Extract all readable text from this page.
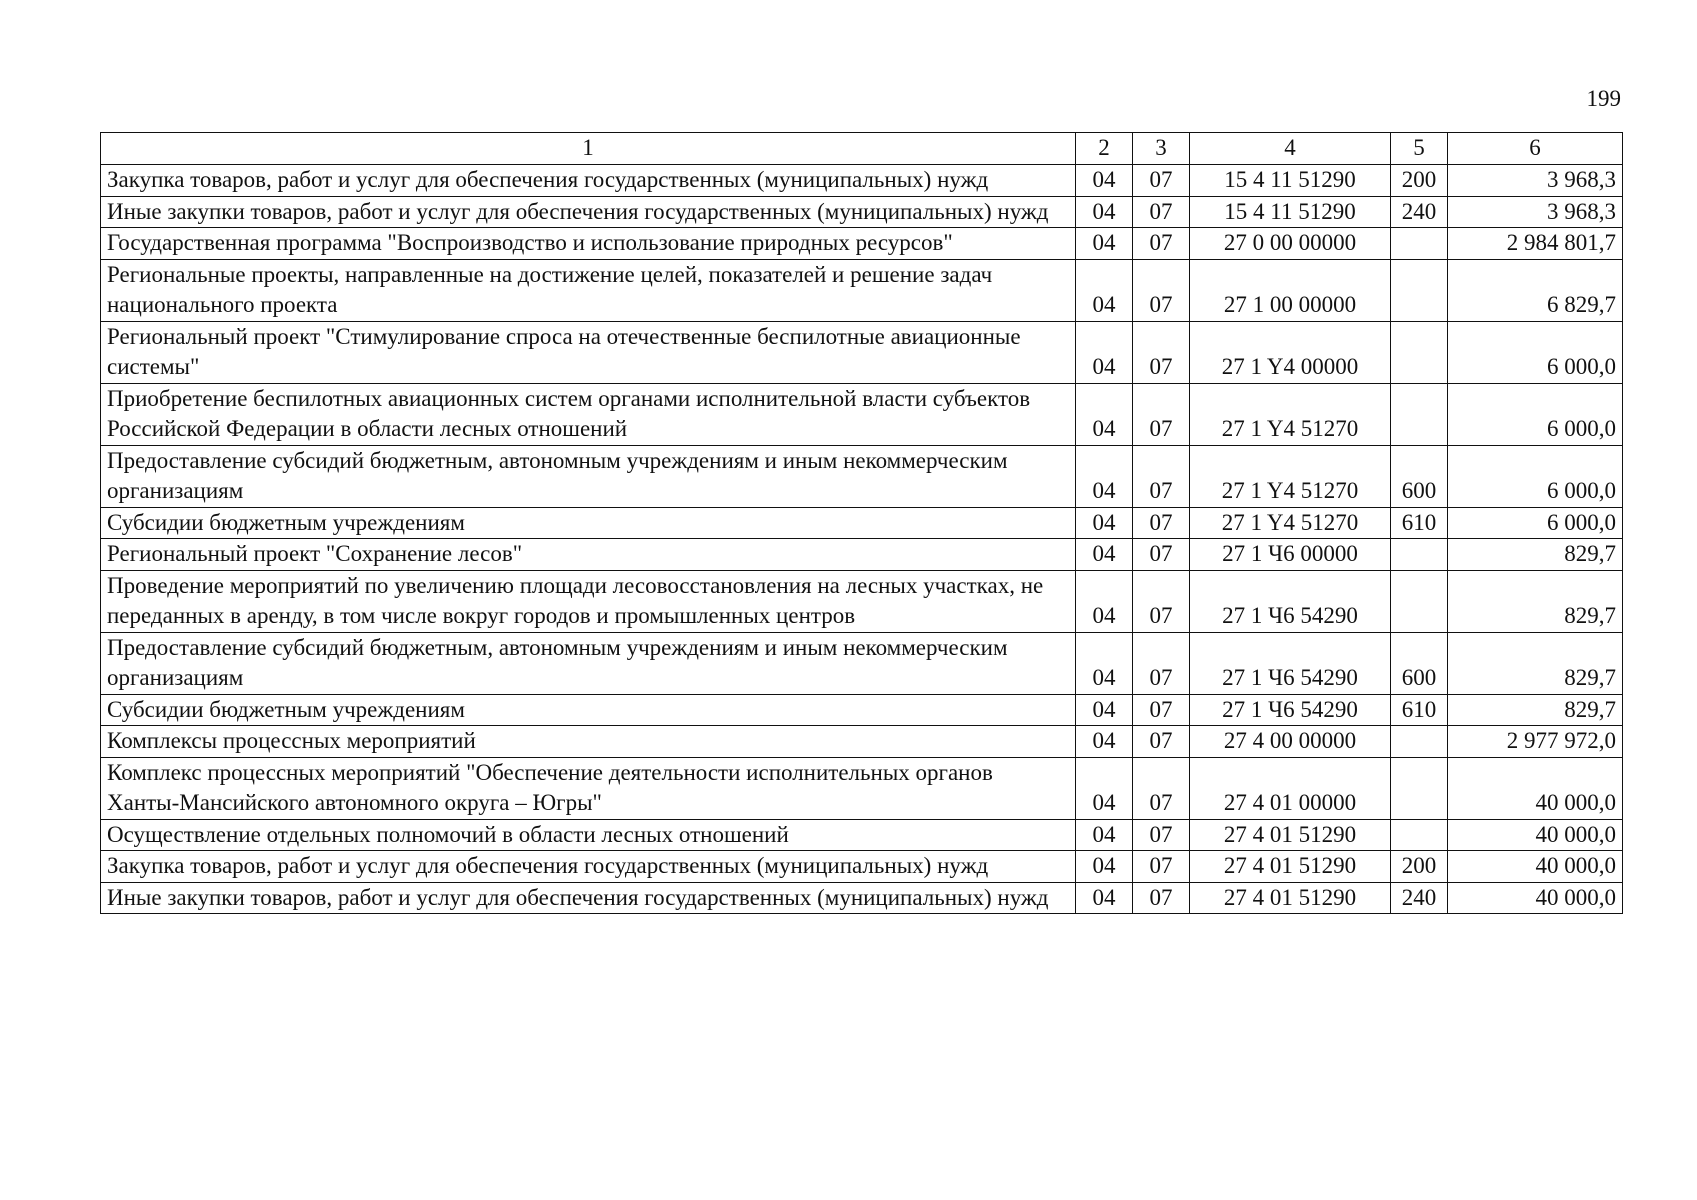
199
1	2	3	4	5	6
Закупка товаров, работ и услуг для обеспечения государственных (муниципальных) нужд	04	07	15 4 11 51290	200	3 968,3
Иные закупки товаров, работ и услуг для обеспечения государственных (муниципальных) нужд	04	07	15 4 11 51290	240	3 968,3
Государственная программа "Воспроизводство и использование природных ресурсов"	04	07	27 0 00 00000		2 984 801,7
Региональные проекты, направленные на достижение целей, показателей и решение задач национального проекта	04	07	27 1 00 00000		6 829,7
Региональный проект "Стимулирование спроса на отечественные беспилотные авиационные системы"	04	07	27 1 Y4 00000		6 000,0
Приобретение беспилотных авиационных систем органами исполнительной власти субъектов Российской Федерации в области лесных отношений	04	07	27 1 Y4 51270		6 000,0
Предоставление субсидий бюджетным, автономным учреждениям и иным некоммерческим организациям	04	07	27 1 Y4 51270	600	6 000,0
Субсидии бюджетным учреждениям	04	07	27 1 Y4 51270	610	6 000,0
Региональный проект "Сохранение лесов"	04	07	27 1 Ч6 00000		829,7
Проведение мероприятий по увеличению площади лесовосстановления на лесных участках, не переданных в аренду, в том числе вокруг городов и промышленных центров	04	07	27 1 Ч6 54290		829,7
Предоставление субсидий бюджетным, автономным учреждениям и иным некоммерческим организациям	04	07	27 1 Ч6 54290	600	829,7
Субсидии бюджетным учреждениям	04	07	27 1 Ч6 54290	610	829,7
Комплексы процессных мероприятий	04	07	27 4 00 00000		2 977 972,0
Комплекс процессных мероприятий "Обеспечение деятельности исполнительных органов Ханты-Мансийского автономного округа – Югры"	04	07	27 4 01 00000		40 000,0
Осуществление отдельных полномочий в области лесных отношений	04	07	27 4 01 51290		40 000,0
Закупка товаров, работ и услуг для обеспечения государственных (муниципальных) нужд	04	07	27 4 01 51290	200	40 000,0
Иные закупки товаров, работ и услуг для обеспечения государственных (муниципальных) нужд	04	07	27 4 01 51290	240	40 000,0
